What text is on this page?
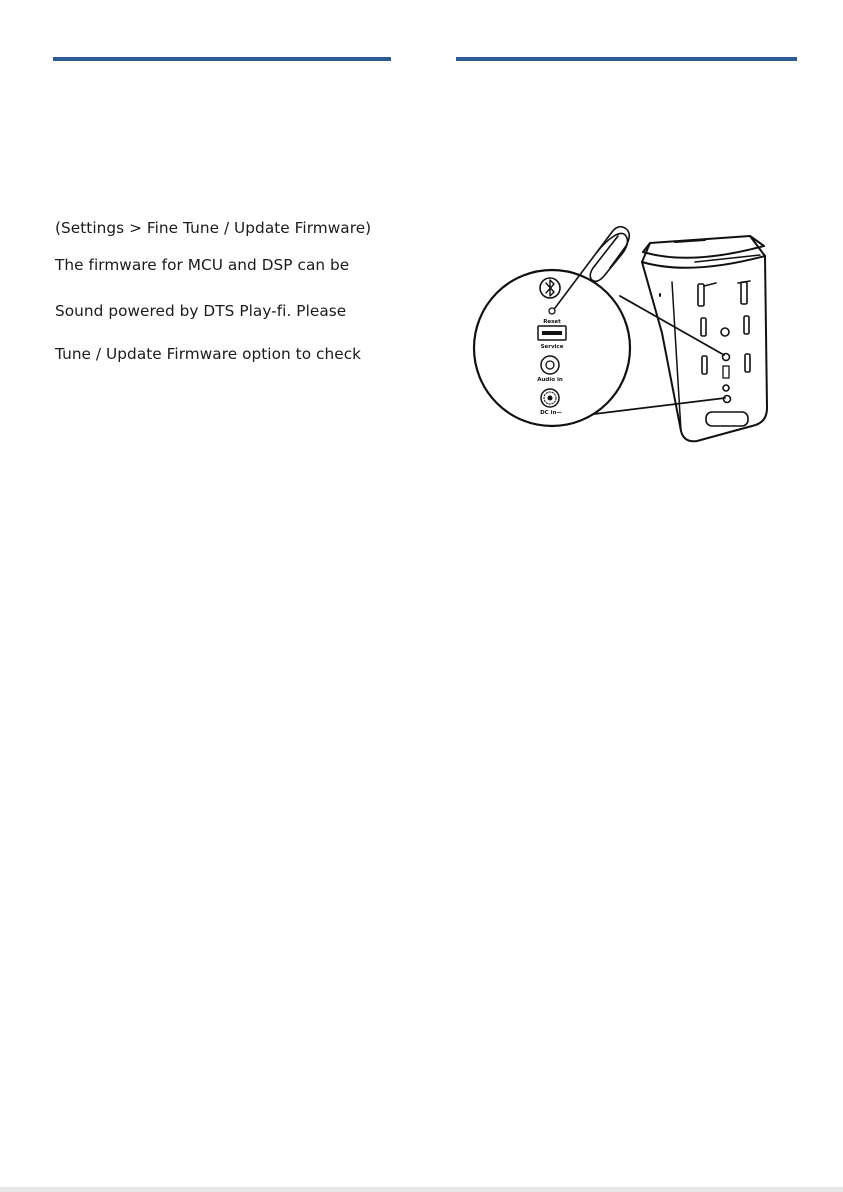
(Settings > Fine Tune / Update Firmware)

The firmware for MCU and DSP can be

Sound powered by DTS Play-fi. Please

Tune / Update Firmware option to check

Reset
Service
Audio in
DC in—
